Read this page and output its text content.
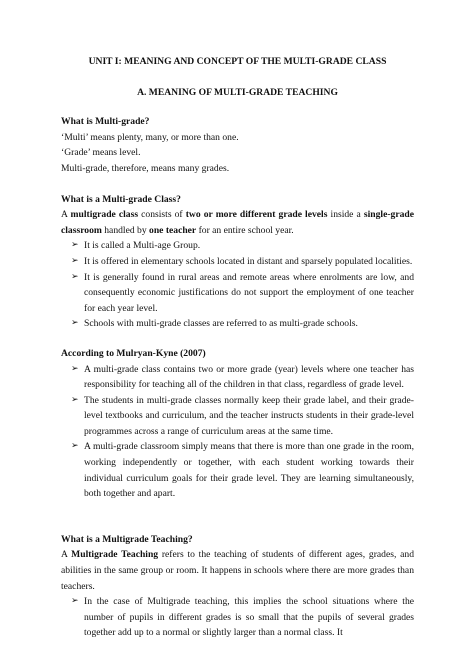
UNIT I: MEANING AND CONCEPT OF THE MULTI-GRADE CLASS

A. MEANING OF MULTI-GRADE TEACHING

What is Multi-grade?

‘Multi’ means plenty, many, or more than one.

‘Grade’ means level.

Multi-grade, therefore, means many grades.

What is a Multi-grade Class?

A multigrade class consists of two or more different grade levels inside a single-grade classroom handled by one teacher for an entire school year.

➢ It is called a Multi-age Group.
➢ It is offered in elementary schools located in distant and sparsely populated localities.
➢ It is generally found in rural areas and remote areas where enrolments are low, and consequently economic justifications do not support the employment of one teacher for each year level.
➢ Schools with multi-grade classes are referred to as multi-grade schools.

According to Mulryan-Kyne (2007)

➢ A multi-grade class contains two or more grade (year) levels where one teacher has responsibility for teaching all of the children in that class, regardless of grade level.
➢ The students in multi-grade classes normally keep their grade label, and their grade-level textbooks and curriculum, and the teacher instructs students in their grade-level programmes across a range of curriculum areas at the same time.
➢ A multi-grade classroom simply means that there is more than one grade in the room, working independently or together, with each student working towards their individual curriculum goals for their grade level. They are learning simultaneously, both together and apart.

What is a Multigrade Teaching?

A Multigrade Teaching refers to the teaching of students of different ages, grades, and abilities in the same group or room. It happens in schools where there are more grades than teachers.

➢ In the case of Multigrade teaching, this implies the school situations where the number of pupils in different grades is so small that the pupils of several grades together add up to a normal or slightly larger than a normal class. It
